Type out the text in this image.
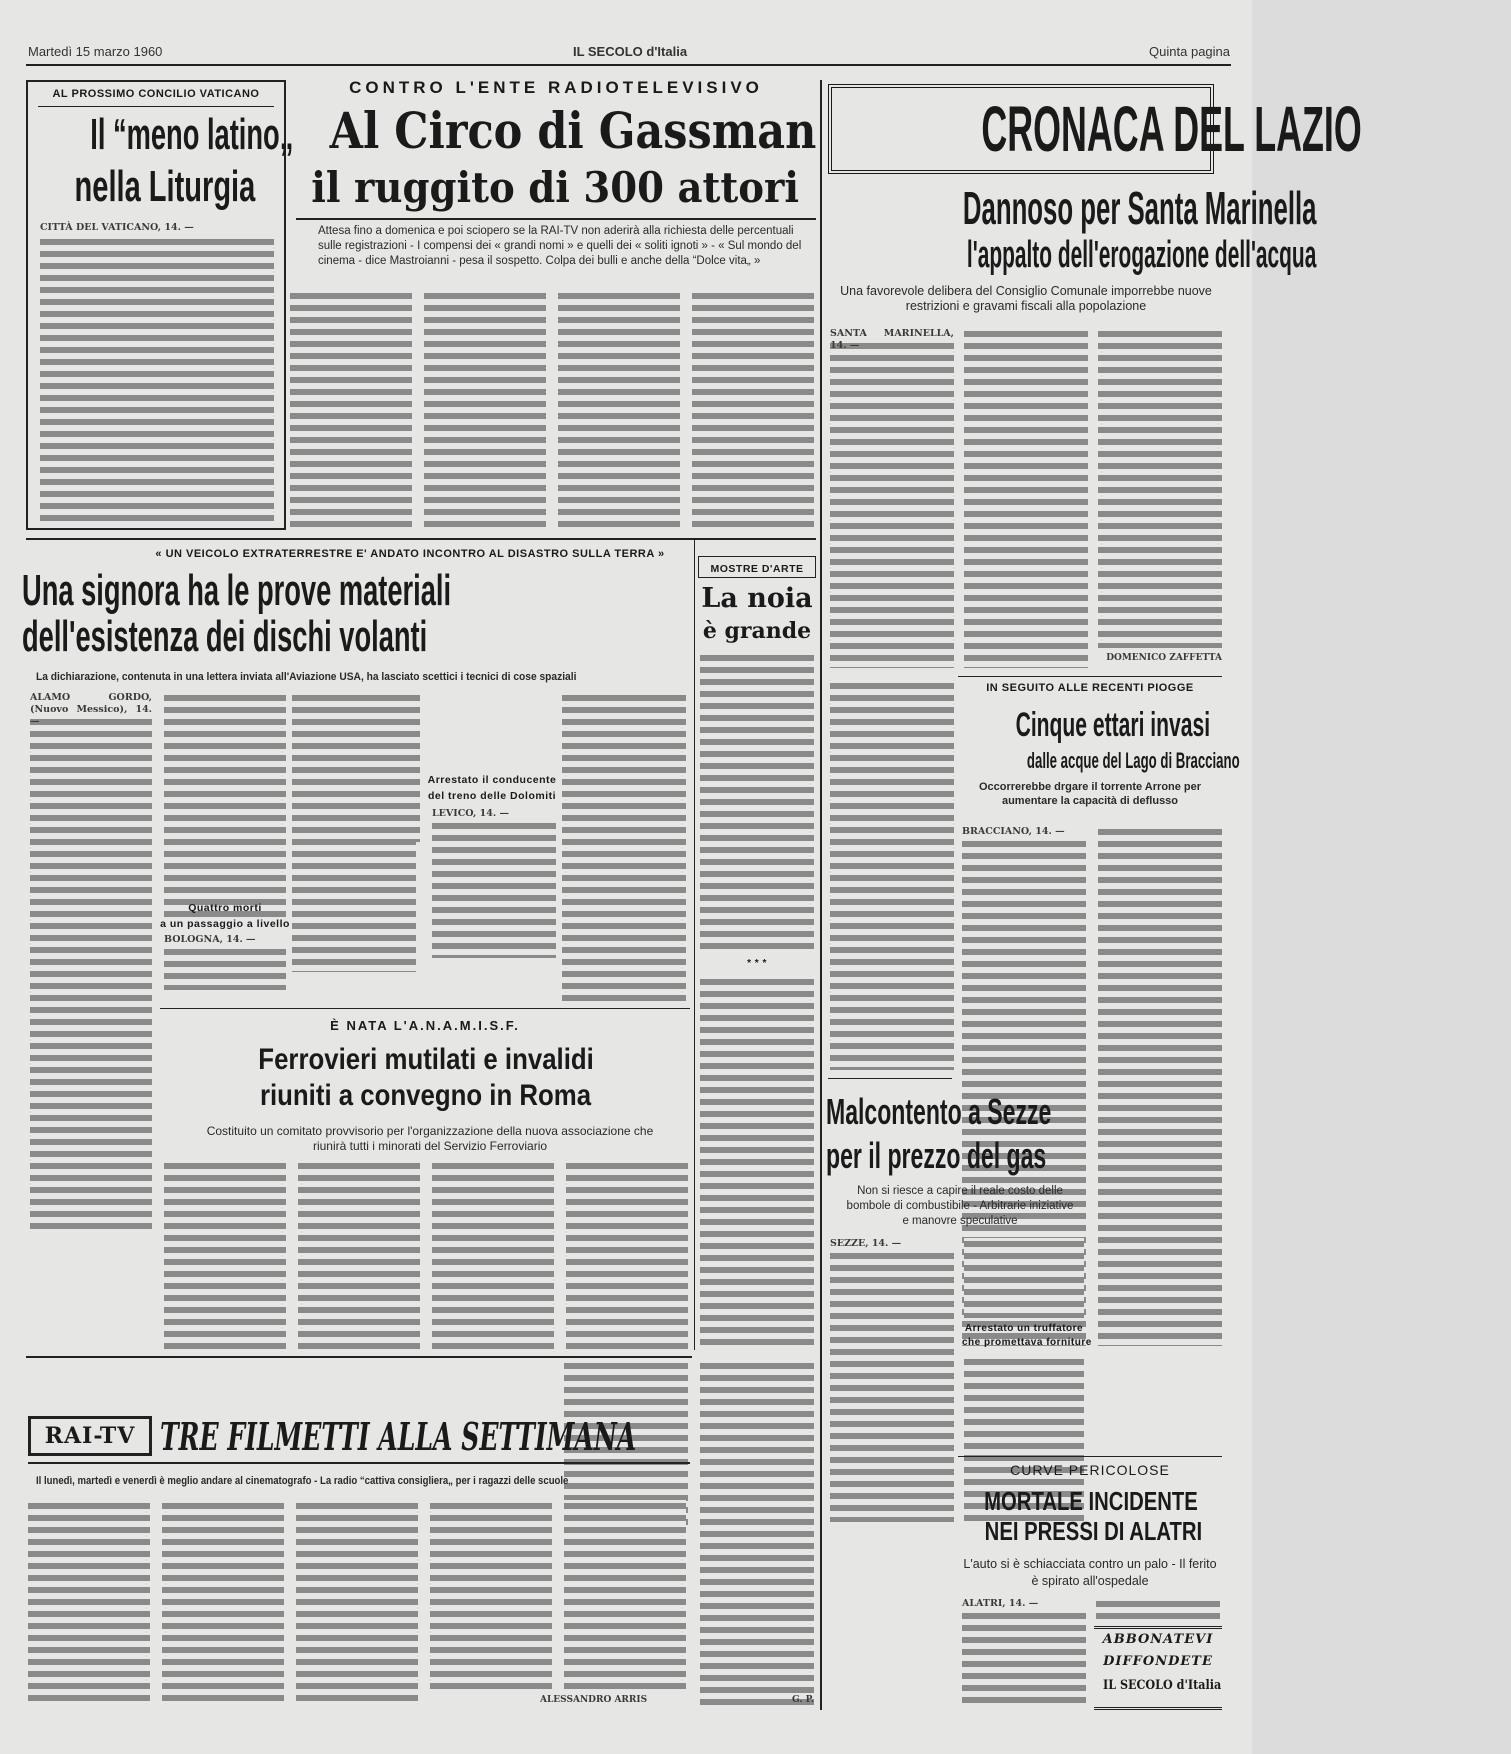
Martedì 15 marzo 1960	IL SECOLO d'Italia	Quinta pagina
AL PROSSIMO CONCILIO VATICANO
Il “meno latino„
nella Liturgia
CITTÀ DEL VATICANO, 14. —
CONTRO L'ENTE RADIOTELEVISIVO
Al Circo di Gassman
il ruggito di 300 attori
Attesa fino a domenica e poi sciopero se la RAI-TV non aderirà alla richiesta delle percentuali sulle registrazioni - I compensi dei « grandi nomi » e quelli dei « soliti ignoti » - « Sul mondo del cinema - dice Mastroianni - pesa il sospetto. Colpa dei bulli e anche della “Dolce vita„ »
CRONACA DEL LAZIO
Dannoso per Santa Marinella
l'appalto dell'erogazione dell'acqua
Una favorevole delibera del Consiglio Comunale imporrebbe nuove restrizioni e gravami fiscali alla popolazione
SANTA MARINELLA, 14. —
DOMENICO ZAFFETTA
« UN VEICOLO EXTRATERRESTRE E' ANDATO INCONTRO AL DISASTRO SULLA TERRA »
Una signora ha le prove materiali
dell'esistenza dei dischi volanti
La dichiarazione, contenuta in una lettera inviata all'Aviazione USA, ha lasciato scettici i tecnici di cose spaziali
ALAMO GORDO, (Nuovo Messico), 14. —
Arrestato il conducente
del treno delle Dolomiti
LEVICO, 14. —
Quattro morti
a un passaggio a livello
BOLOGNA, 14. —
È NATA L'A.N.A.M.I.S.F.
Ferrovieri mutilati e invalidi
riuniti a convegno in Roma
Costituito un comitato provvisorio per l'organizzazione della nuova associazione che riunirà tutti i minorati del Servizio Ferroviario
MOSTRE D'ARTE
La noia
è grande
* * *
IN SEGUITO ALLE RECENTI PIOGGE
Cinque ettari invasi
dalle acque del Lago di Bracciano
Occorrerebbe drgare il torrente Arrone per aumentare la capacità di deflusso
BRACCIANO, 14. —
Malcontento a Sezze
per il prezzo del gas
Non si riesce a capire il reale costo delle bombole di combustibile - Arbitrarie iniziative e manovre speculative
SEZZE, 14. —
Arrestato un truffatore
che promettava forniture
RAI-TV TRE FILMETTI ALLA SETTIMANA
Il lunedì, martedì e venerdì è meglio andare al cinematografo - La radio “cattiva consigliera„ per i ragazzi delle scuole
ALESSANDRO ARRIS	G. P.
CURVE PERICOLOSE
MORTALE INCIDENTE
NEI PRESSI DI ALATRI
L'auto si è schiacciata contro un palo - Il ferito è spirato all'ospedale
ALATRI, 14. —
ABBONATEVI
DIFFONDETE
IL SECOLO d'Italia
